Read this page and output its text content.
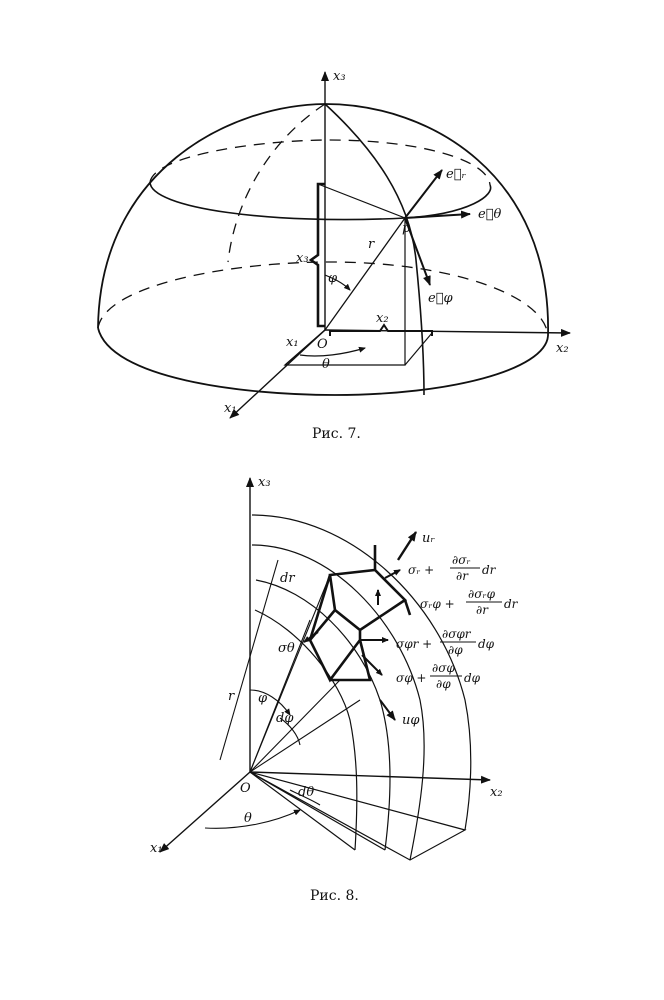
x₃
x₂
x₁
O
p
r
φ
θ
x₃
x₂
x₁
e⃗ᵣ
e⃗θ
e⃗φ
Рис. 7.
x₃
x₂
x₁
O
r φ
dφ
θ
dθ
dr
σθ
uᵣ
uφ
σᵣ +
∂σᵣ
∂r dr
σᵣφ +
∂σᵣφ
∂r dr
σφr +
∂σφr
∂φ dφ
σφ +
∂σφ
∂φ dφ
Рис. 8.
